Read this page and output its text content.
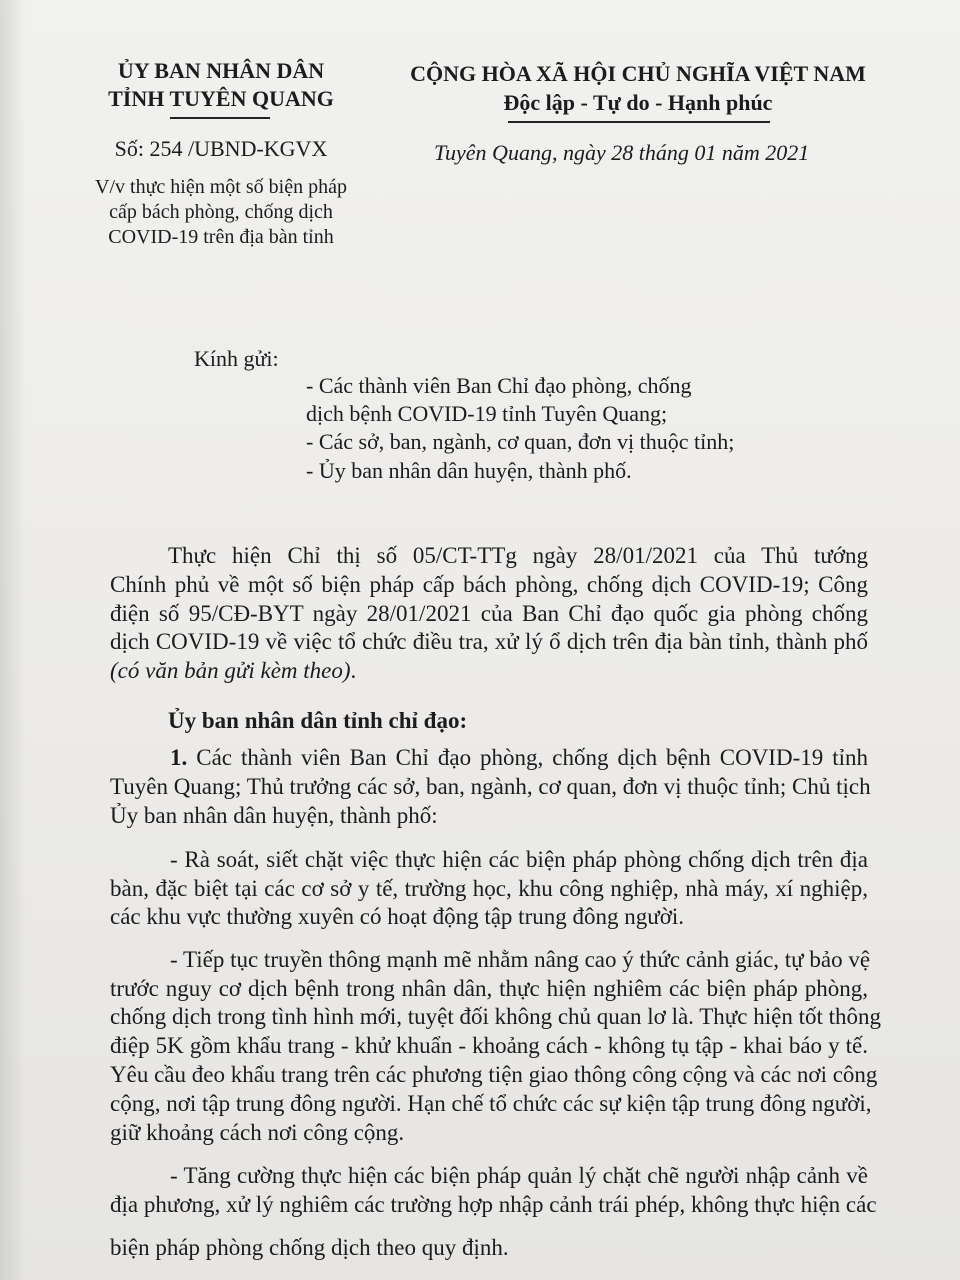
ỦY BAN NHÂN DÂN
TỈNH TUYÊN QUANG
Số: 254 /UBND-KGVX
V/v thực hiện một số biện pháp
cấp bách phòng, chống dịch
COVID-19 trên địa bàn tỉnh
CỘNG HÒA XÃ HỘI CHỦ NGHĨA VIỆT NAM
Độc lập - Tự do - Hạnh phúc
Tuyên Quang, ngày 28 tháng 01 năm 2021
Kính gửi:
- Các thành viên Ban Chỉ đạo phòng, chống
dịch bệnh COVID-19 tỉnh Tuyên Quang;
- Các sở, ban, ngành, cơ quan, đơn vị thuộc tỉnh;
- Ủy ban nhân dân huyện, thành phố.
Thực hiện Chỉ thị số 05/CT-TTg ngày 28/01/2021 của Thủ tướng
Chính phủ về một số biện pháp cấp bách phòng, chống dịch COVID-19; Công
điện số 95/CĐ-BYT ngày 28/01/2021 của Ban Chỉ đạo quốc gia phòng chống
dịch COVID-19 về việc tổ chức điều tra, xử lý ổ dịch trên địa bàn tỉnh, thành phố
(có văn bản gửi kèm theo).
Ủy ban nhân dân tỉnh chỉ đạo:
1. Các thành viên Ban Chỉ đạo phòng, chống dịch bệnh COVID-19 tỉnh
Tuyên Quang; Thủ trưởng các sở, ban, ngành, cơ quan, đơn vị thuộc tỉnh; Chủ tịch
Ủy ban nhân dân huyện, thành phố:
- Rà soát, siết chặt việc thực hiện các biện pháp phòng chống dịch trên địa
bàn, đặc biệt tại các cơ sở y tế, trường học, khu công nghiệp, nhà máy, xí nghiệp,
các khu vực thường xuyên có hoạt động tập trung đông người.
- Tiếp tục truyền thông mạnh mẽ nhằm nâng cao ý thức cảnh giác, tự bảo vệ
trước nguy cơ dịch bệnh trong nhân dân, thực hiện nghiêm các biện pháp phòng,
chống dịch trong tình hình mới, tuyệt đối không chủ quan lơ là. Thực hiện tốt thông
điệp 5K gồm khẩu trang - khử khuẩn - khoảng cách - không tụ tập - khai báo y tế.
Yêu cầu đeo khẩu trang trên các phương tiện giao thông công cộng và các nơi công
cộng, nơi tập trung đông người. Hạn chế tổ chức các sự kiện tập trung đông người,
giữ khoảng cách nơi công cộng.
- Tăng cường thực hiện các biện pháp quản lý chặt chẽ người nhập cảnh về
địa phương, xử lý nghiêm các trường hợp nhập cảnh trái phép, không thực hiện các
biện pháp phòng chống dịch theo quy định.
